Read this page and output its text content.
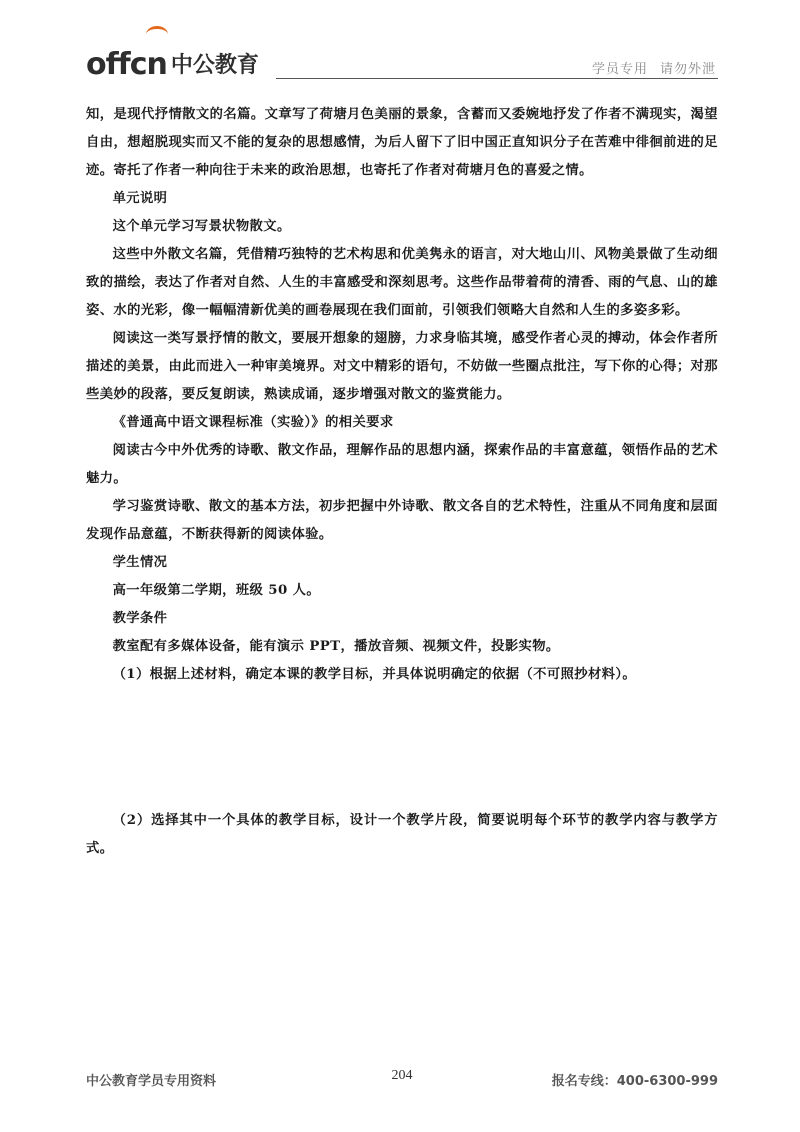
offcn 中公教育	学员专用 请勿外泄

知，是现代抒情散文的名篇。文章写了荷塘月色美丽的景象，含蓄而又委婉地抒发了作者不满现实，渴望自由，想超脱现实而又不能的复杂的思想感情，为后人留下了旧中国正直知识分子在苦难中徘徊前进的足迹。寄托了作者一种向往于未来的政治思想，也寄托了作者对荷塘月色的喜爱之情。

单元说明

这个单元学习写景状物散文。

这些中外散文名篇，凭借精巧独特的艺术构思和优美隽永的语言，对大地山川、风物美景做了生动细致的描绘，表达了作者对自然、人生的丰富感受和深刻思考。这些作品带着荷的清香、雨的气息、山的雄姿、水的光彩，像一幅幅清新优美的画卷展现在我们面前，引领我们领略大自然和人生的多姿多彩。

阅读这一类写景抒情的散文，要展开想象的翅膀，力求身临其境，感受作者心灵的搏动，体会作者所描述的美景，由此而进入一种审美境界。对文中精彩的语句，不妨做一些圈点批注，写下你的心得；对那些美妙的段落，要反复朗读，熟读成诵，逐步增强对散文的鉴赏能力。

《普通高中语文课程标准（实验）》的相关要求

阅读古今中外优秀的诗歌、散文作品，理解作品的思想内涵，探索作品的丰富意蕴，领悟作品的艺术魅力。

学习鉴赏诗歌、散文的基本方法，初步把握中外诗歌、散文各自的艺术特性，注重从不同角度和层面发现作品意蕴，不断获得新的阅读体验。

学生情况

高一年级第二学期，班级 50 人。

教学条件

教室配有多媒体设备，能有演示 PPT，播放音频、视频文件，投影实物。

（1）根据上述材料，确定本课的教学目标，并具体说明确定的依据（不可照抄材料）。

（2）选择其中一个具体的教学目标，设计一个教学片段，简要说明每个环节的教学内容与教学方式。

中公教育学员专用资料	204	报名专线：400-6300-999
